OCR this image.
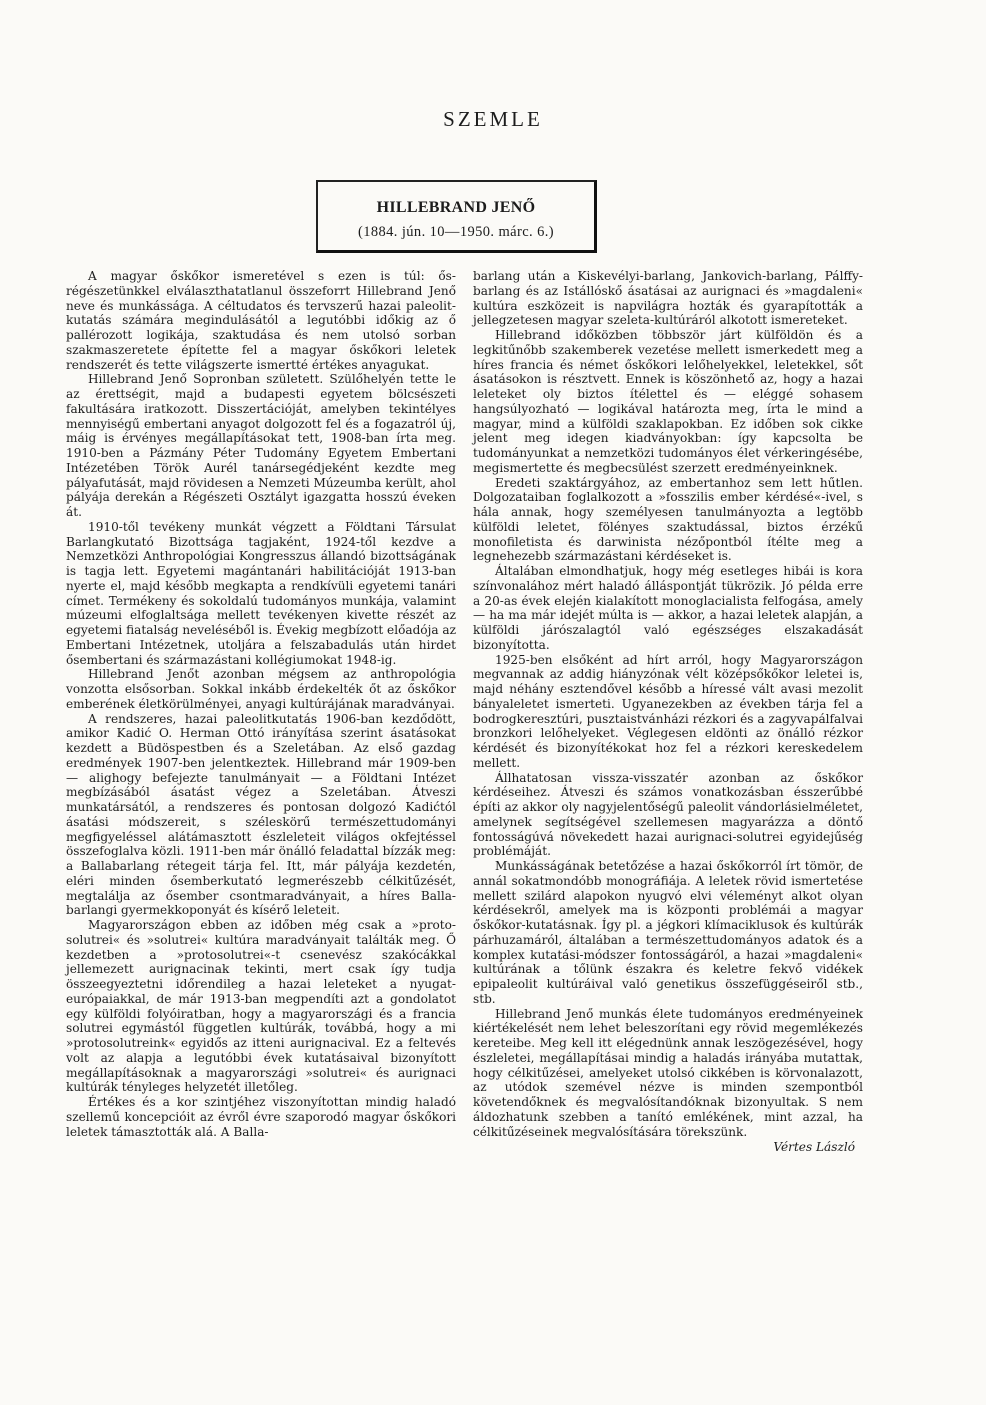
SZEMLE
HILLEBRAND JENŐ
(1884. jún. 10—1950. márc. 6.)

A magyar őskőkor ismeretével s ezen is túl: ősrégészetünkkel elválaszthatatlanul összeforrt Hillebrand Jenő neve és munkássága. A céltudatos és tervszerű hazai paleolit-kutatás számára megindulásától a legutóbbi időkig az ő pallérozott logikája, szaktudása és nem utolsó sorban szakmaszeretete építette fel a magyar őskőkori leletek rendszerét és tette világszerte ismertté értékes anyagukat.

Hillebrand Jenő Sopronban született. Szülőhelyén tette le az érettségit, majd a budapesti egyetem bölcsészeti fakultására iratkozott. Disszertációját, amelyben tekintélyes mennyiségű embertani anyagot dolgozott fel és a fogazatról új, máig is érvényes megállapításokat tett, 1908-ban írta meg. 1910-ben a Pázmány Péter Tudomány Egyetem Embertani Intézetében Török Aurél tanársegédjeként kezdte meg pályafutását, majd rövidesen a Nemzeti Múzeumba került, ahol pályája derekán a Régészeti Osztályt igazgatta hosszú éveken át.

1910-től tevékeny munkát végzett a Földtani Társulat Barlangkutató Bizottsága tagjaként, 1924-től kezdve a Nemzetközi Anthropológiai Kongresszus állandó bizottságának is tagja lett. Egyetemi magántanári habilitációját 1913-ban nyerte el, majd később megkapta a rendkívüli egyetemi tanári címet. Termékeny és sokoldalú tudományos munkája, valamint múzeumi elfoglaltsága mellett tevékenyen kivette részét az egyetemi fiatalság neveléséből is. Évekig megbízott előadója az Embertani Intézetnek, utoljára a felszabadulás után hirdet ősembertani és származástani kollégiumokat 1948-ig.

Hillebrand Jenőt azonban mégsem az anthropológia vonzotta elsősorban. Sokkal inkább érdekelték őt az őskőkor emberének életkörülményei, anyagi kultúrájának maradványai.

A rendszeres, hazai paleolitkutatás 1906-ban kezdődött, amikor Kadić O. Herman Ottó irányítása szerint ásatásokat kezdett a Büdöspestben és a Szeletában. Az első gazdag eredmények 1907-ben jelentkeztek. Hillebrand már 1909-ben — alighogy befejezte tanulmányait — a Földtani Intézet megbízásából ásatást végez a Szeletában. Átveszi munkatársától, a rendszeres és pontosan dolgozó Kadićtól ásatási módszereit, s széleskörű természettudományi megfigyeléssel alátámasztott észleleteit világos okfejtéssel összefoglalva közli. 1911-ben már önálló feladattal bízzák meg: a Ballabarlang rétegeit tárja fel. Itt, már pályája kezdetén, eléri minden ősemberkutató legmerészebb célkitűzését, megtalálja az ősember csontmaradványait, a híres Balla-barlangi gyermekkoponyát és kísérő leleteit.

Magyarországon ebben az időben még csak a »protosolutrei« és »solutrei« kultúra maradványait találták meg. Ő kezdetben a »protosolutrei«-t csenevész szakócákkal jellemezett aurignacinak tekinti, mert csak így tudja összeegyeztetni időrendileg a hazai leleteket a nyugateurópaiakkal, de már 1913-ban megpendíti azt a gondolatot egy külföldi folyóiratban, hogy a magyarországi és a francia solutrei egymástól független kultúrák, továbbá, hogy a mi »protosolutreink« egyidős az itteni aurignacival. Ez a feltevés volt az alapja a legutóbbi évek kutatásaival bizonyított megállapításoknak a magyarországi »solutrei« és aurignaci kultúrák tényleges helyzetét illetőleg.

Értékes és a kor szintjéhez viszonyítottan mindig haladó szellemű koncepcióit az évről évre szaporodó magyar őskőkori leletek támasztották alá. A Balla-

barlang után a Kiskevélyi-barlang, Jankovich-barlang, Pálffy-barlang és az Istállóskő ásatásai az aurignaci és »magdaleni« kultúra eszközeit is napvilágra hozták és gyarapították a jellegzetesen magyar szeleta-kultúráról alkotott ismereteket.

Hillebrand időközben többször járt külföldön és a legkitűnőbb szakemberek vezetése mellett ismerkedett meg a híres francia és német őskőkori lelőhelyekkel, leletekkel, sőt ásatásokon is résztvett. Ennek is köszönhető az, hogy a hazai leleteket oly biztos ítélettel és — eléggé sohasem hangsúlyozható — logikával határozta meg, írta le mind a magyar, mind a külföldi szaklapokban. Ez időben sok cikke jelent meg idegen kiadványokban: így kapcsolta be tudományunkat a nemzetközi tudományos élet vérkeringésébe, megismertette és megbecsülést szerzett eredményeinknek.

Eredeti szaktárgyához, az embertanhoz sem lett hűtlen. Dolgozataiban foglalkozott a »fosszilis ember kérdésé«-ivel, s hála annak, hogy személyesen tanulmányozta a legtöbb külföldi leletet, fölényes szaktudással, biztos érzékű monofiletista és darwinista nézőpontból ítélte meg a legnehezebb származástani kérdéseket is.

Általában elmondhatjuk, hogy még esetleges hibái is kora színvonalához mért haladó álláspontját tükrözik. Jó példa erre a 20-as évek elején kialakított monoglacialista felfogása, amely — ha ma már idejét múlta is — akkor, a hazai leletek alapján, a külföldi járószalagtól való egészséges elszakadását bizonyította.

1925-ben elsőként ad hírt arról, hogy Magyarországon megvannak az addig hiányzónak vélt középsőkőkor leletei is, majd néhány esztendővel később a híressé vált avasi mezolit bányaleletet ismerteti. Ugyanezekben az években tárja fel a bodrogkeresztúri, pusztaistvánházi rézkori és a zagyvapálfalvai bronzkori lelőhelyeket. Véglegesen eldönti az önálló rézkor kérdését és bizonyítékokat hoz fel a rézkori kereskedelem mellett.

Állhatatosan vissza-visszatér azonban az őskőkor kérdéseihez. Átveszi és számos vonatkozásban ésszerűbbé építi az akkor oly nagyjelentőségű paleolit vándorlásielméletet, amelynek segítségével szellemesen magyarázza a döntő fontosságúvá növekedett hazai aurignaci-solutrei egyidejűség problémáját.

Munkásságának betetőzése a hazai őskőkorról írt tömör, de annál sokatmondóbb monográfiája. A leletek rövid ismertetése mellett szilárd alapokon nyugvó elvi véleményt alkot olyan kérdésekről, amelyek ma is központi problémái a magyar őskőkor-kutatásnak. Így pl. a jégkori klímaciklusok és kultúrák párhuzamáról, általában a természettudományos adatok és a komplex kutatási-módszer fontosságáról, a hazai »magdaleni« kultúrának a tőlünk északra és keletre fekvő vidékek epipaleolit kultúráival való genetikus összefüggéseiről stb., stb.

Hillebrand Jenő munkás élete tudományos eredményeinek kiértékelését nem lehet beleszorítani egy rövid megemlékezés kereteibe. Meg kell itt elégednünk annak leszögezésével, hogy észleletei, megállapításai mindig a haladás irányába mutattak, hogy célkitűzései, amelyeket utolsó cikkében is körvonalazott, az utódok szemével nézve is minden szempontból követendőknek és megvalósítandóknak bizonyultak. S nem áldozhatunk szebben a tanító emlékének, mint azzal, ha célkitűzéseinek megvalósítására törekszünk.

Vértes László
